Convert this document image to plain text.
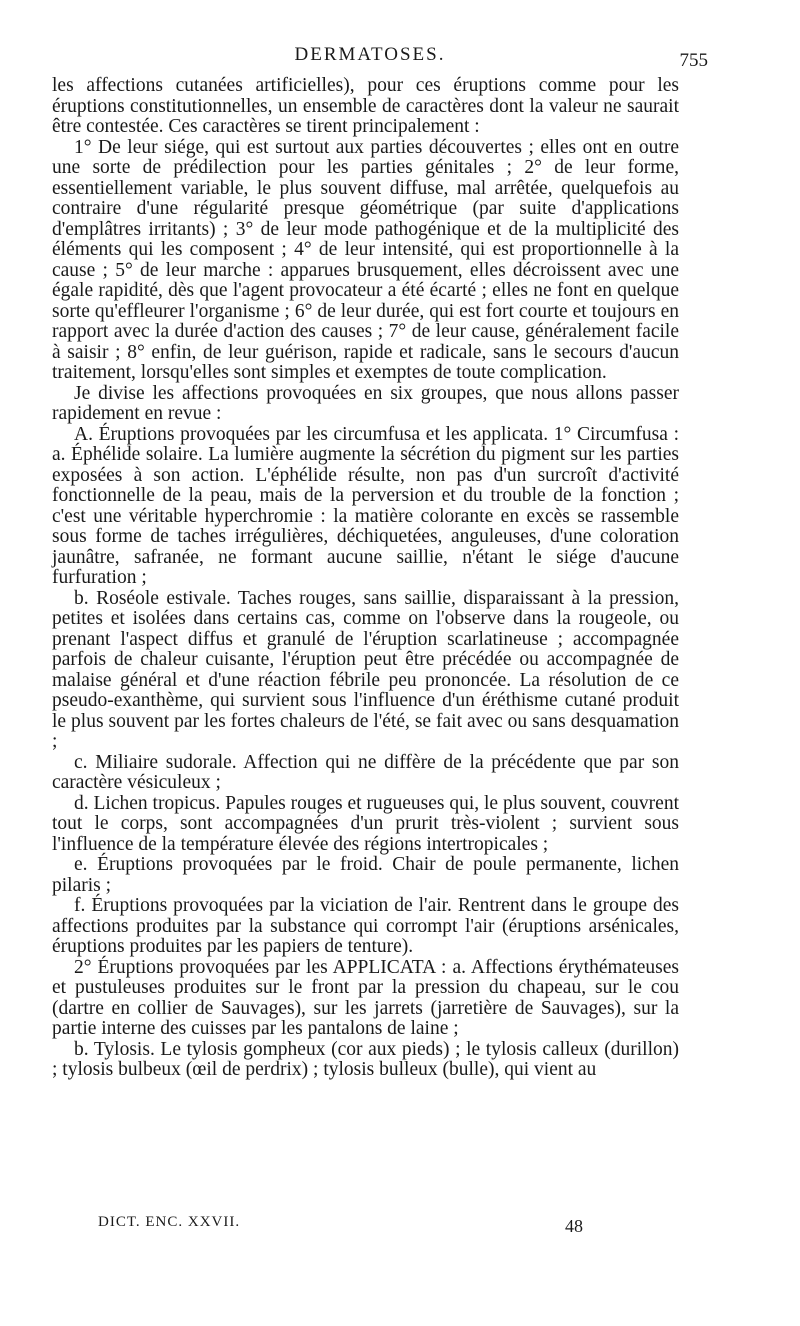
DERMATOSES.	755

les affections cutanées artificielles), pour ces éruptions comme pour les éruptions constitutionnelles, un ensemble de caractères dont la valeur ne saurait être contestée. Ces caractères se tirent principalement :

1° De leur siége, qui est surtout aux parties découvertes ; elles ont en outre une sorte de prédilection pour les parties génitales ; 2° de leur forme, essentiellement variable, le plus souvent diffuse, mal arrêtée, quelquefois au contraire d'une régularité presque géométrique (par suite d'applications d'emplâtres irritants) ; 3° de leur mode pathogénique et de la multiplicité des éléments qui les composent ; 4° de leur intensité, qui est proportionnelle à la cause ; 5° de leur marche : apparues brusquement, elles décroissent avec une égale rapidité, dès que l'agent provocateur a été écarté ; elles ne font en quelque sorte qu'effleurer l'organisme ; 6° de leur durée, qui est fort courte et toujours en rapport avec la durée d'action des causes ; 7° de leur cause, généralement facile à saisir ; 8° enfin, de leur guérison, rapide et radicale, sans le secours d'aucun traitement, lorsqu'elles sont simples et exemptes de toute complication.

Je divise les affections provoquées en six groupes, que nous allons passer rapidement en revue :

A. Éruptions provoquées par les circumfusa et les applicata. 1° Circumfusa : a. Éphélide solaire. La lumière augmente la sécrétion du pigment sur les parties exposées à son action. L'éphélide résulte, non pas d'un surcroît d'activité fonctionnelle de la peau, mais de la perversion et du trouble de la fonction ; c'est une véritable hyperchromie : la matière colorante en excès se rassemble sous forme de taches irrégulières, déchiquetées, anguleuses, d'une coloration jaunâtre, safranée, ne formant aucune saillie, n'étant le siége d'aucune furfuration ;

b. Roséole estivale. Taches rouges, sans saillie, disparaissant à la pression, petites et isolées dans certains cas, comme on l'observe dans la rougeole, ou prenant l'aspect diffus et granulé de l'éruption scarlatineuse ; accompagnée parfois de chaleur cuisante, l'éruption peut être précédée ou accompagnée de malaise général et d'une réaction fébrile peu prononcée. La résolution de ce pseudo-exanthème, qui survient sous l'influence d'un éréthisme cutané produit le plus souvent par les fortes chaleurs de l'été, se fait avec ou sans desquamation ;

c. Miliaire sudorale. Affection qui ne diffère de la précédente que par son caractère vésiculeux ;

d. Lichen tropicus. Papules rouges et rugueuses qui, le plus souvent, couvrent tout le corps, sont accompagnées d'un prurit très-violent ; survient sous l'influence de la température élevée des régions intertropicales ;

e. Éruptions provoquées par le froid. Chair de poule permanente, lichen pilaris ;

f. Éruptions provoquées par la viciation de l'air. Rentrent dans le groupe des affections produites par la substance qui corrompt l'air (éruptions arsénicales, éruptions produites par les papiers de tenture).

2° Éruptions provoquées par les APPLICATA : a. Affections érythémateuses et pustuleuses produites sur le front par la pression du chapeau, sur le cou (dartre en collier de Sauvages), sur les jarrets (jarretière de Sauvages), sur la partie interne des cuisses par les pantalons de laine ;

b. Tylosis. Le tylosis gompheux (cor aux pieds) ; le tylosis calleux (durillon) ; tylosis bulbeux (œil de perdrix) ; tylosis bulleux (bulle), qui vient au

DICT. ENC. XXVII.	48
